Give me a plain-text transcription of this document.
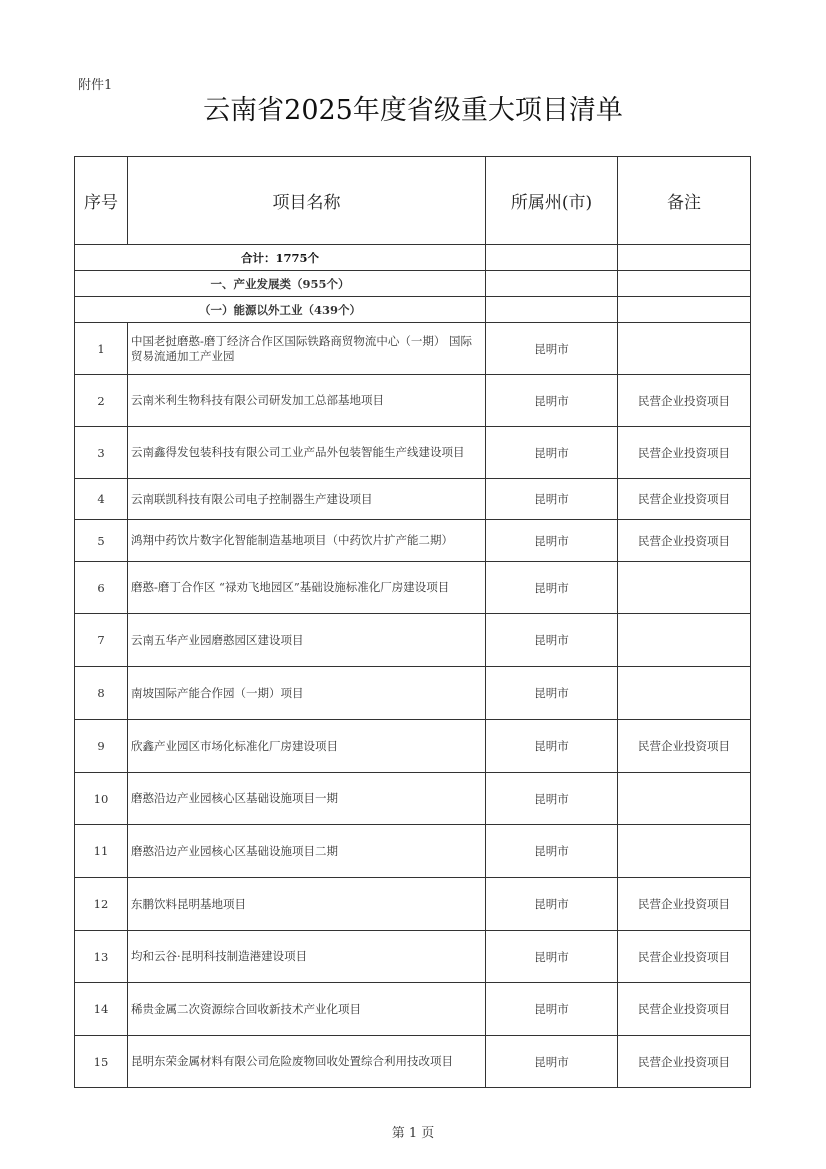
附件1
云南省2025年度省级重大项目清单
序号	项目名称	所属州(市)	备注
合计：1775个			
一、产业发展类（955个）			
（一）能源以外工业（439个）			
1	中国老挝磨憨-磨丁经济合作区国际铁路商贸物流中心（一期） 国际贸易流通加工产业园	昆明市	
2	云南米利生物科技有限公司研发加工总部基地项目	昆明市	民营企业投资项目
3	云南鑫得发包装科技有限公司工业产品外包装智能生产线建设项目	昆明市	民营企业投资项目
4	云南联凯科技有限公司电子控制器生产建设项目	昆明市	民营企业投资项目
5	鸿翔中药饮片数字化智能制造基地项目（中药饮片扩产能二期）	昆明市	民营企业投资项目
6	磨憨-磨丁合作区 “禄劝飞地园区”基础设施标准化厂房建设项目	昆明市	
7	云南五华产业园磨憨园区建设项目	昆明市	
8	南坡国际产能合作园（一期）项目	昆明市	
9	欣鑫产业园区市场化标准化厂房建设项目	昆明市	民营企业投资项目
10	磨憨沿边产业园核心区基础设施项目一期	昆明市	
11	磨憨沿边产业园核心区基础设施项目二期	昆明市	
12	东鹏饮料昆明基地项目	昆明市	民营企业投资项目
13	均和云谷·昆明科技制造港建设项目	昆明市	民营企业投资项目
14	稀贵金属二次资源综合回收新技术产业化项目	昆明市	民营企业投资项目
15	昆明东荣金属材料有限公司危险废物回收处置综合利用技改项目	昆明市	民营企业投资项目
第 1 页
